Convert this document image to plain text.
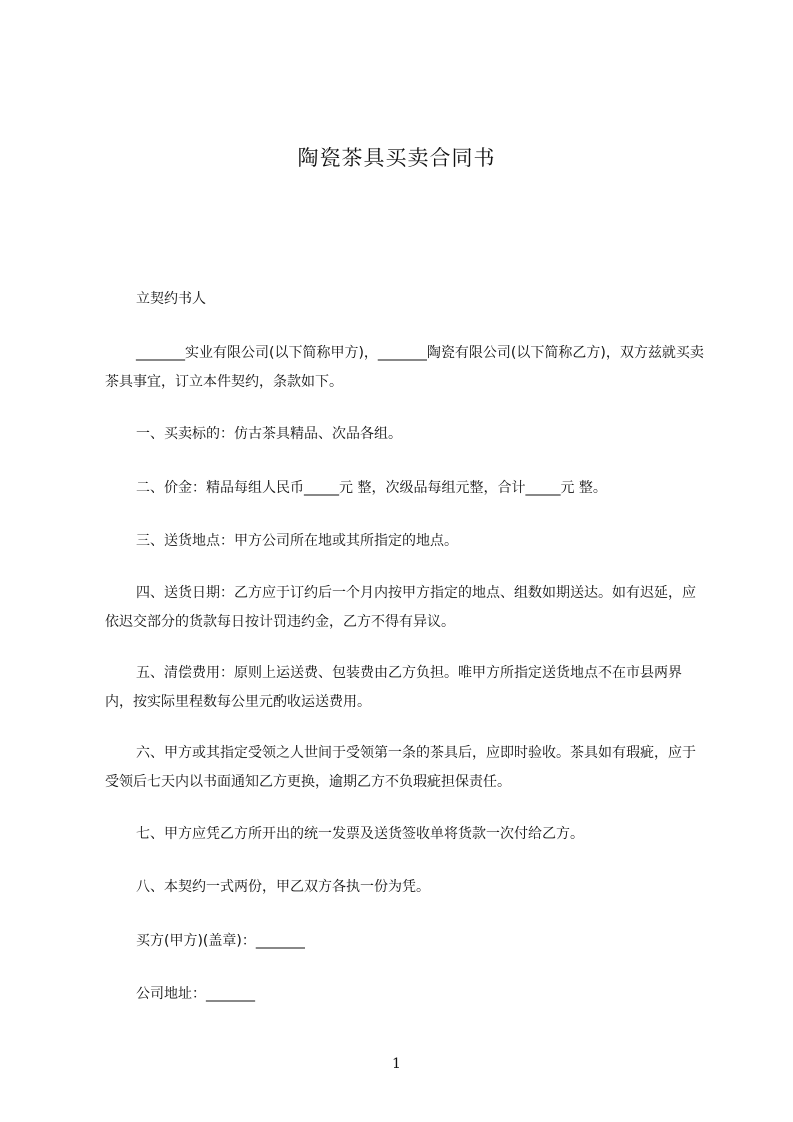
陶瓷茶具买卖合同书

立契约书人

_______实业有限公司(以下简称甲方)，_______陶瓷有限公司(以下简称乙方)，双方兹就买卖茶具事宜，订立本件契约，条款如下。

一、买卖标的：仿古茶具精品、次品各组。

二、价金：精品每组人民币_____元 整，次级品每组元整，合计_____元 整。

三、送货地点：甲方公司所在地或其所指定的地点。

四、送货日期：乙方应于订约后一个月内按甲方指定的地点、组数如期送达。如有迟延，应依迟交部分的货款每日按计罚违约金，乙方不得有异议。

五、清偿费用：原则上运送费、包装费由乙方负担。唯甲方所指定送货地点不在市县两界内，按实际里程数每公里元酌收运送费用。

六、甲方或其指定受领之人世间于受领第一条的茶具后，应即时验收。茶具如有瑕疵，应于受领后七天内以书面通知乙方更换，逾期乙方不负瑕疵担保责任。

七、甲方应凭乙方所开出的统一发票及送货签收单将货款一次付给乙方。

八、本契约一式两份，甲乙双方各执一份为凭。

买方(甲方)(盖章)：_______

公司地址：_______

1
